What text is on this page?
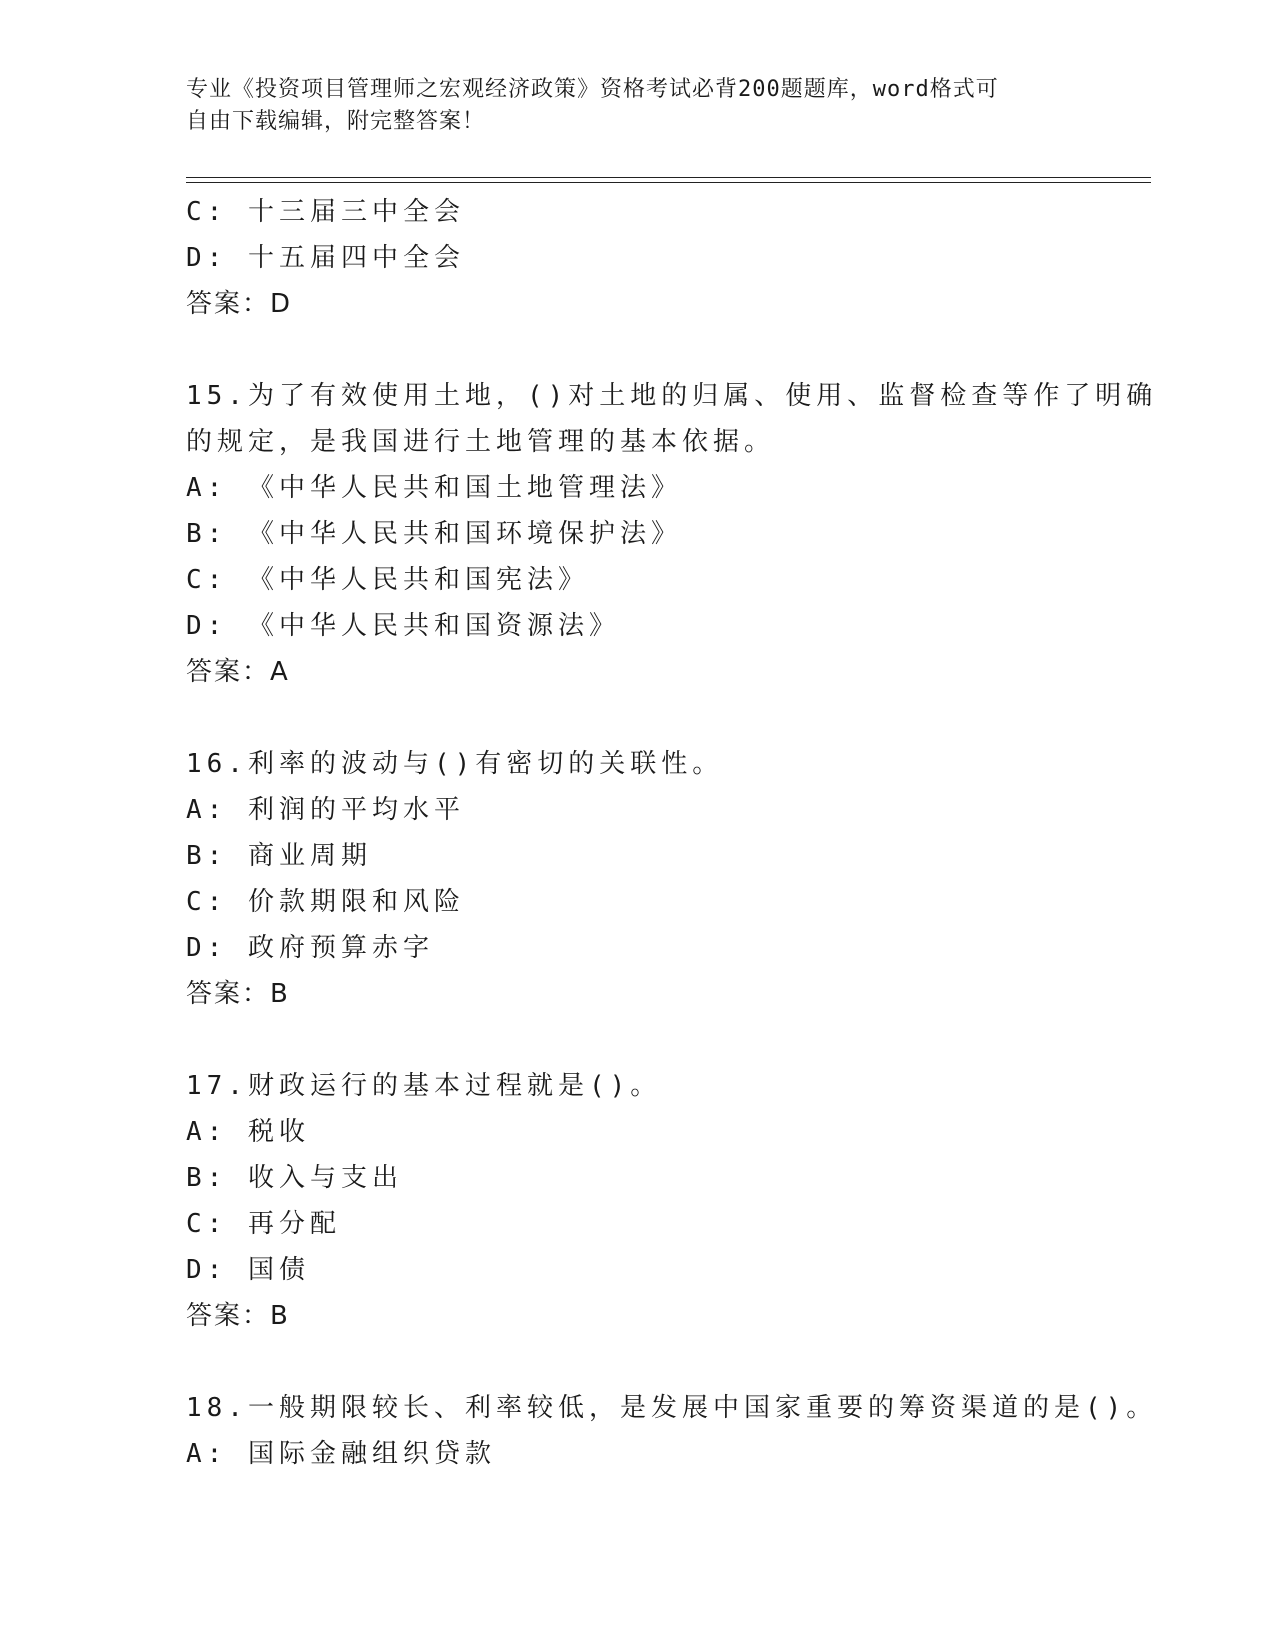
专业《投资项目管理师之宏观经济政策》资格考试必背200题题库，word格式可
自由下载编辑，附完整答案！
C: 十三届三中全会
D: 十五届四中全会
答案：D
15.为了有效使用土地，()对土地的归属、使用、监督检查等作了明确
的规定，是我国进行土地管理的基本依据。
A: 《中华人民共和国土地管理法》
B: 《中华人民共和国环境保护法》
C: 《中华人民共和国宪法》
D: 《中华人民共和国资源法》
答案：A
16.利率的波动与()有密切的关联性。
A: 利润的平均水平
B: 商业周期
C: 价款期限和风险
D: 政府预算赤字
答案：B
17.财政运行的基本过程就是()。
A: 税收
B: 收入与支出
C: 再分配
D: 国债
答案：B
18.一般期限较长、利率较低，是发展中国家重要的筹资渠道的是()。
A: 国际金融组织贷款
